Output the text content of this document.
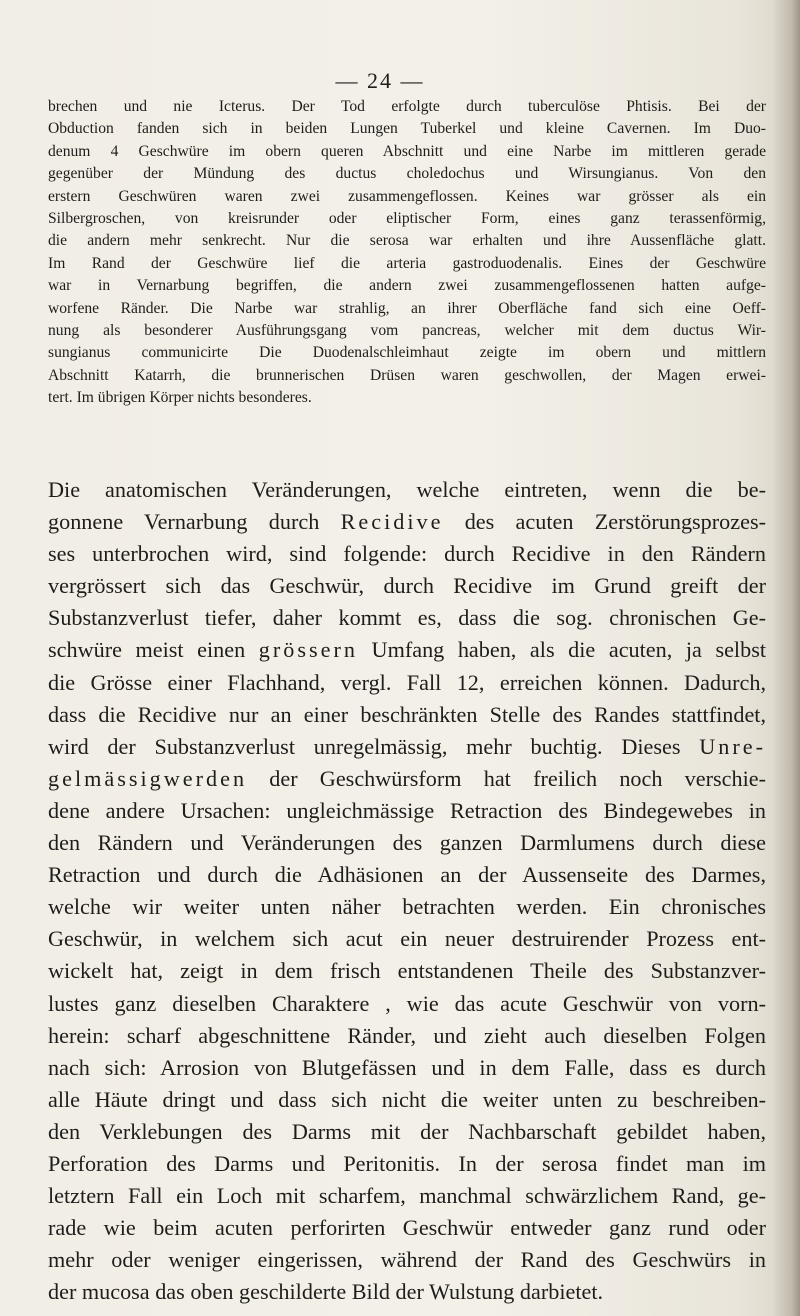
— 24 —
brechen und nie Icterus. Der Tod erfolgte durch tuberculöse Phtisis. Bei der
Obduction fanden sich in beiden Lungen Tuberkel und kleine Cavernen. Im Duo-
denum 4 Geschwüre im obern queren Abschnitt und eine Narbe im mittleren gerade
gegenüber der Mündung des ductus choledochus und Wirsungianus. Von den
erstern Geschwüren waren zwei zusammengeflossen. Keines war grösser als ein
Silbergroschen, von kreisrunder oder eliptischer Form, eines ganz terassenförmig,
die andern mehr senkrecht. Nur die serosa war erhalten und ihre Aussenfläche glatt.
Im Rand der Geschwüre lief die arteria gastroduodenalis. Eines der Geschwüre
war in Vernarbung begriffen, die andern zwei zusammengeflossenen hatten aufge-
worfene Ränder. Die Narbe war strahlig, an ihrer Oberfläche fand sich eine Oeff-
nung als besonderer Ausführungsgang vom pancreas, welcher mit dem ductus Wir-
sungianus communicirte Die Duodenalschleimhaut zeigte im obern und mittlern
Abschnitt Katarrh, die brunnerischen Drüsen waren geschwollen, der Magen erwei-
tert. Im übrigen Körper nichts besonderes.
Die anatomischen Veränderungen, welche eintreten, wenn die be-
gonnene Vernarbung durch Recidive des acuten Zerstörungsprozes-
ses unterbrochen wird, sind folgende: durch Recidive in den Rändern
vergrössert sich das Geschwür, durch Recidive im Grund greift der
Substanzverlust tiefer, daher kommt es, dass die sog. chronischen Ge-
schwüre meist einen grössern Umfang haben, als die acuten, ja selbst
die Grösse einer Flachhand, vergl. Fall 12, erreichen können. Dadurch,
dass die Recidive nur an einer beschränkten Stelle des Randes stattfindet,
wird der Substanzverlust unregelmässig, mehr buchtig. Dieses Unre-
gelmässigwerden der Geschwürsform hat freilich noch verschie-
dene andere Ursachen: ungleichmässige Retraction des Bindegewebes in
den Rändern und Veränderungen des ganzen Darmlumens durch diese
Retraction und durch die Adhäsionen an der Aussenseite des Darmes,
welche wir weiter unten näher betrachten werden. Ein chronisches
Geschwür, in welchem sich acut ein neuer destruirender Prozess ent-
wickelt hat, zeigt in dem frisch entstandenen Theile des Substanzver-
lustes ganz dieselben Charaktere , wie das acute Geschwür von vorn-
herein: scharf abgeschnittene Ränder, und zieht auch dieselben Folgen
nach sich: Arrosion von Blutgefässen und in dem Falle, dass es durch
alle Häute dringt und dass sich nicht die weiter unten zu beschreiben-
den Verklebungen des Darms mit der Nachbarschaft gebildet haben,
Perforation des Darms und Peritonitis. In der serosa findet man im
letztern Fall ein Loch mit scharfem, manchmal schwärzlichem Rand, ge-
rade wie beim acuten perforirten Geschwür entweder ganz rund oder
mehr oder weniger eingerissen, während der Rand des Geschwürs in
der mucosa das oben geschilderte Bild der Wulstung darbietet.
